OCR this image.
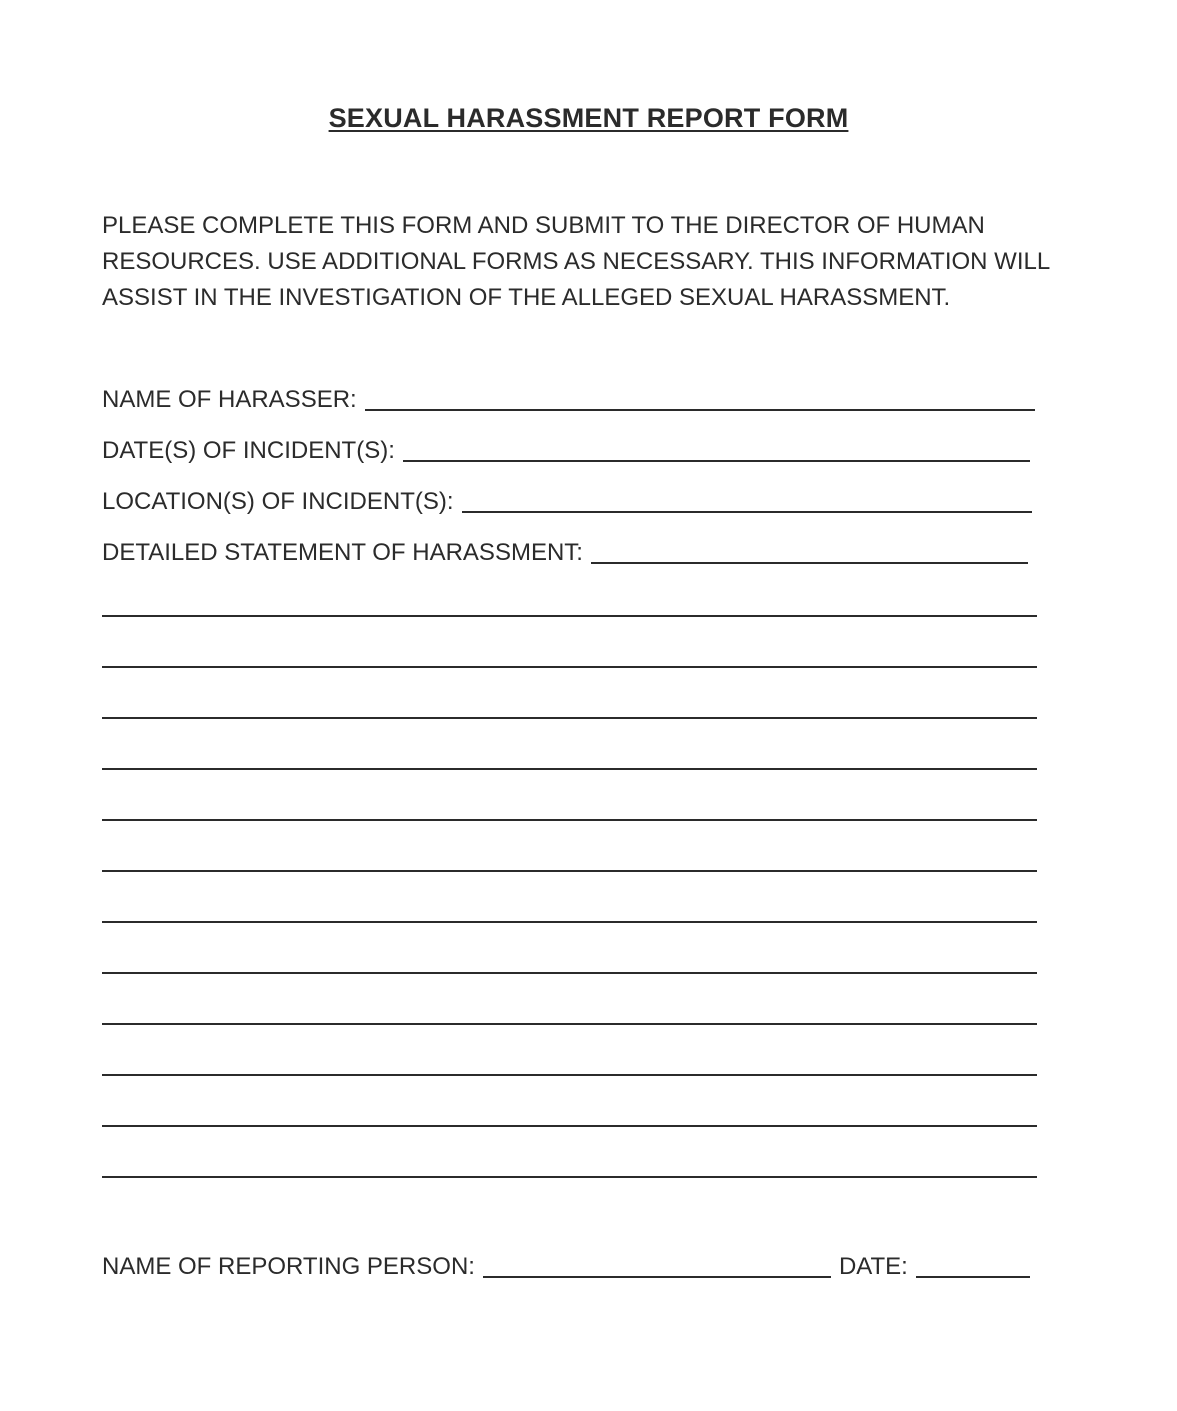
SEXUAL HARASSMENT REPORT FORM

PLEASE COMPLETE THIS FORM AND SUBMIT TO THE DIRECTOR OF HUMAN RESOURCES. USE ADDITIONAL FORMS AS NECESSARY. THIS INFORMATION WILL ASSIST IN THE INVESTIGATION OF THE ALLEGED SEXUAL HARASSMENT.

NAME OF HARASSER:
DATE(S) OF INCIDENT(S):
LOCATION(S) OF INCIDENT(S):
DETAILED STATEMENT OF HARASSMENT:
NAME OF REPORTING PERSON:	DATE:
